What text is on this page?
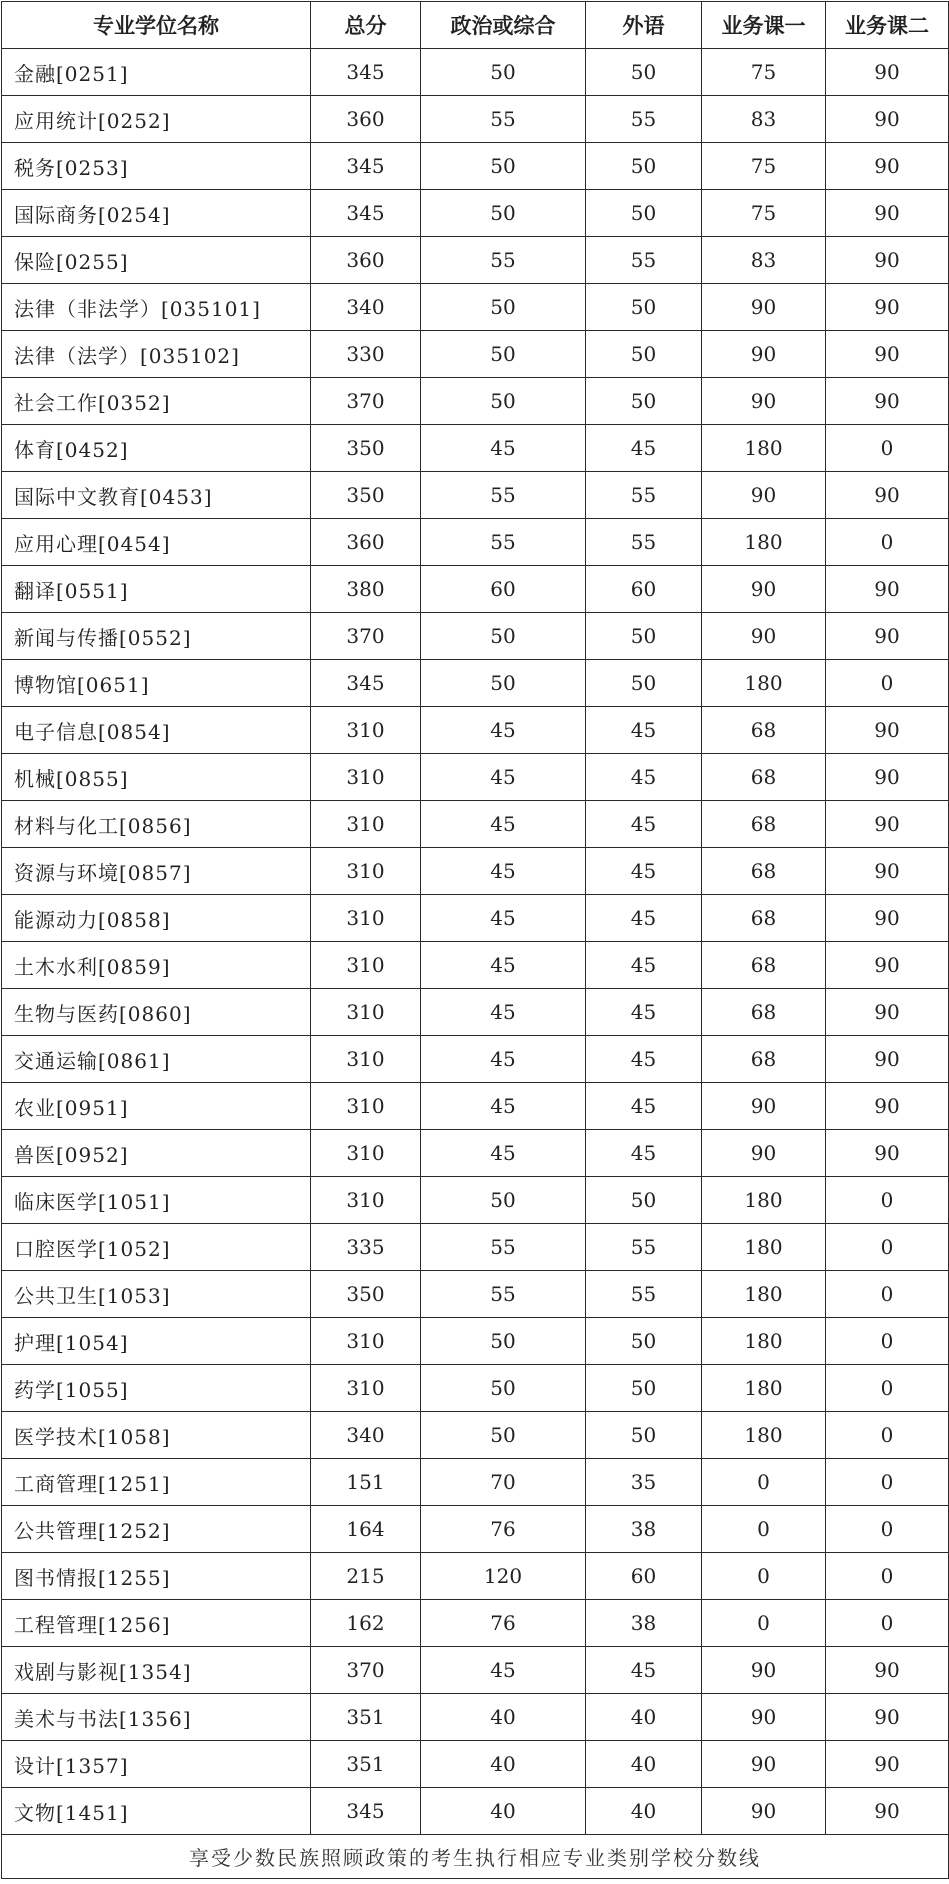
专业学位名称	总分	政治或综合	外语	业务课一	业务课二
金融[0251]	345	50	50	75	90
应用统计[0252]	360	55	55	83	90
税务[0253]	345	50	50	75	90
国际商务[0254]	345	50	50	75	90
保险[0255]	360	55	55	83	90
法律（非法学）[035101]	340	50	50	90	90
法律（法学）[035102]	330	50	50	90	90
社会工作[0352]	370	50	50	90	90
体育[0452]	350	45	45	180	0
国际中文教育[0453]	350	55	55	90	90
应用心理[0454]	360	55	55	180	0
翻译[0551]	380	60	60	90	90
新闻与传播[0552]	370	50	50	90	90
博物馆[0651]	345	50	50	180	0
电子信息[0854]	310	45	45	68	90
机械[0855]	310	45	45	68	90
材料与化工[0856]	310	45	45	68	90
资源与环境[0857]	310	45	45	68	90
能源动力[0858]	310	45	45	68	90
土木水利[0859]	310	45	45	68	90
生物与医药[0860]	310	45	45	68	90
交通运输[0861]	310	45	45	68	90
农业[0951]	310	45	45	90	90
兽医[0952]	310	45	45	90	90
临床医学[1051]	310	50	50	180	0
口腔医学[1052]	335	55	55	180	0
公共卫生[1053]	350	55	55	180	0
护理[1054]	310	50	50	180	0
药学[1055]	310	50	50	180	0
医学技术[1058]	340	50	50	180	0
工商管理[1251]	151	70	35	0	0
公共管理[1252]	164	76	38	0	0
图书情报[1255]	215	120	60	0	0
工程管理[1256]	162	76	38	0	0
戏剧与影视[1354]	370	45	45	90	90
美术与书法[1356]	351	40	40	90	90
设计[1357]	351	40	40	90	90
文物[1451]	345	40	40	90	90
享受少数民族照顾政策的考生执行相应专业类别学校分数线					
